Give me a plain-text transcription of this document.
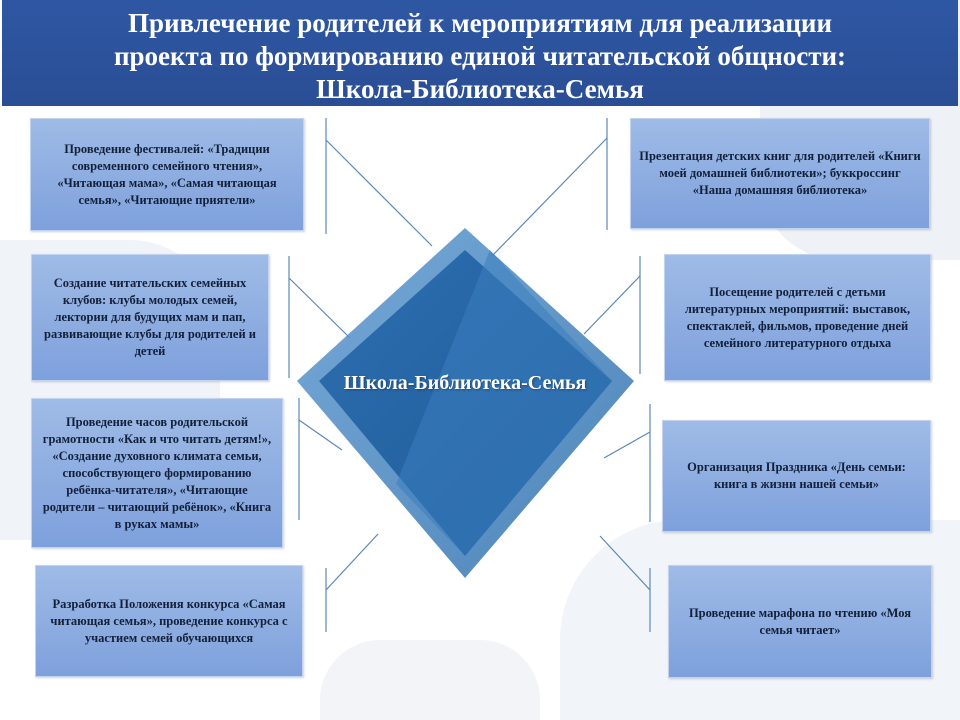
Привлечение родителей к мероприятиям для реализации
проекта по формированию единой читательской общности:
Школа-Библиотека-Семья
Школа-Библиотека-Семья
Проведение фестивалей: «Традиции современного семейного чтения», «Читающая мама», «Самая читающая семья», «Читающие приятели»
Создание читательских семейных клубов: клубы молодых семей, лектории для будущих мам и пап, развивающие клубы для родителей и детей
Проведение часов родительской грамотности «Как и что читать детям!», «Создание духовного климата семьи, способствующего формированию ребёнка-читателя», «Читающие родители – читающий ребёнок», «Книга в руках мамы»
Разработка Положения конкурса «Самая читающая семья», проведение конкурса с участием семей обучающихся
Презентация детских книг для родителей «Книги моей домашней библиотеки»; буккроссинг «Наша домашняя библиотека»
Посещение родителей с детьми литературных мероприятий: выставок, спектаклей, фильмов, проведение дней семейного литературного отдыха
Организация Праздника «День семьи: книга в жизни нашей семьи»
Проведение марафона по чтению «Моя семья читает»
